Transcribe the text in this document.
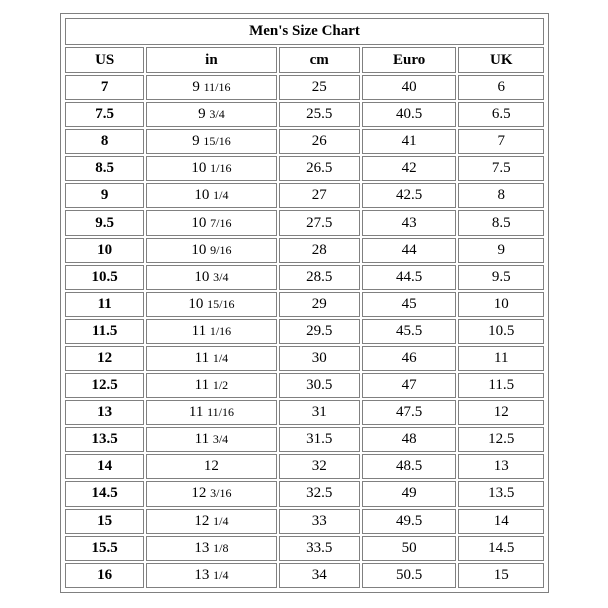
Men's Size Chart				
US	in	cm	Euro	UK
7	9 11/16	25	40	6
7.5	9 3/4	25.5	40.5	6.5
8	9 15/16	26	41	7
8.5	10 1/16	26.5	42	7.5
9	10 1/4	27	42.5	8
9.5	10 7/16	27.5	43	8.5
10	10 9/16	28	44	9
10.5	10 3/4	28.5	44.5	9.5
11	10 15/16	29	45	10
11.5	11 1/16	29.5	45.5	10.5
12	11 1/4	30	46	11
12.5	11 1/2	30.5	47	11.5
13	11 11/16	31	47.5	12
13.5	11 3/4	31.5	48	12.5
14	12	32	48.5	13
14.5	12 3/16	32.5	49	13.5
15	12 1/4	33	49.5	14
15.5	13 1/8	33.5	50	14.5
16	13 1/4	34	50.5	15
